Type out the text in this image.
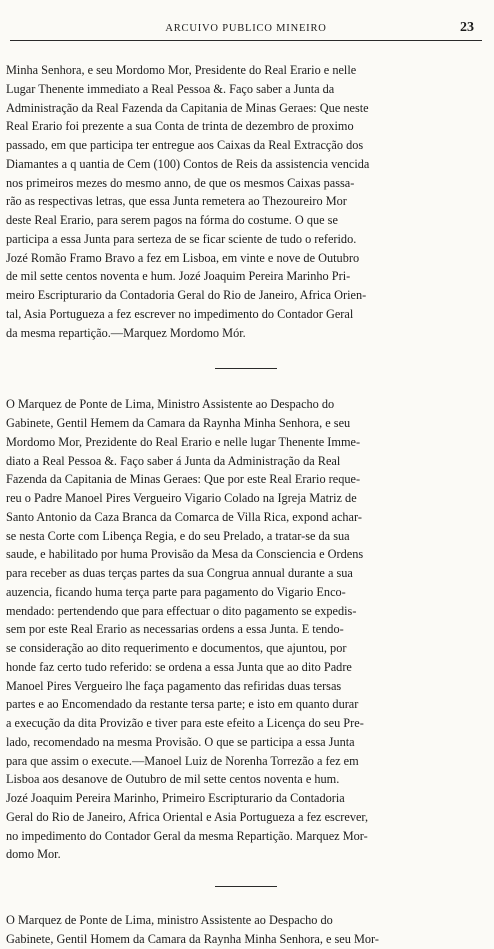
ARCUIVO PUBLICO MINEIRO	23

Minha Senhora, e seu Mordomo Mor, Presidente do Real Erario e nelle
Lugar Thenente immediato a Real Pessoa &. Faço saber a Junta da
Administração da Real Fazenda da Capitania de Minas Geraes: Que neste
Real Erario foi prezente a sua Conta de trinta de dezembro de proximo
passado, em que participa ter entregue aos Caixas da Real Extracção dos
Diamantes a q uantia de Cem (100) Contos de Reis da assistencia vencida
nos primeiros mezes do mesmo anno, de que os mesmos Caixas passa-
rão as respectivas letras, que essa Junta remetera ao Thezoureiro Mor
deste Real Erario, para serem pagos na fórma do costume. O que se
participa a essa Junta para serteza de se ficar sciente de tudo o referido.
Jozé Romão Framo Bravo a fez em Lisboa, em vinte e nove de Outubro
de mil sette centos noventa e hum. Jozé Joaquim Pereira Marinho Pri-
meiro Escripturario da Contadoria Geral do Rio de Janeiro, Africa Orien-
tal, Asia Portugueza a fez escrever no impedimento do Contador Geral
da mesma repartição.—Marquez Mordomo Mór.

O Marquez de Ponte de Lima, Ministro Assistente ao Despacho do
Gabinete, Gentil Hemem da Camara da Raynha Minha Senhora, e seu
Mordomo Mor, Prezidente do Real Erario e nelle lugar Thenente Imme-
diato a Real Pessoa &. Faço saber á Junta da Administração da Real
Fazenda da Capitania de Minas Geraes: Que por este Real Erario reque-
reu o Padre Manoel Pires Vergueiro Vigario Colado na Igreja Matriz de
Santo Antonio da Caza Branca da Comarca de Villa Rica, expond achar-
se nesta Corte com Libença Regia, e do seu Prelado, a tratar-se da sua
saude, e habilitado por huma Provisão da Mesa da Consciencia e Ordens
para receber as duas terças partes da sua Congrua annual durante a sua
auzencia, ficando huma terça parte para pagamento do Vigario Enco-
mendado: pertendendo que para effectuar o dito pagamento se expedis-
sem por este Real Erario as necessarias ordens a essa Junta. E tendo-
se consideração ao dito requerimento e documentos, que ajuntou, por
honde faz certo tudo referido: se ordena a essa Junta que ao dito Padre
Manoel Pires Vergueiro lhe faça pagamento das refiridas duas tersas
partes e ao Encomendado da restante tersa parte; e isto em quanto durar
a execução da dita Provizão e tiver para este efeito a Licença do seu Pre-
lado, recomendado na mesma Provisão. O que se participa a essa Junta
para que assim o execute.—Manoel Luiz de Norenha Torrezão a fez em
Lisboa aos desanove de Outubro de mil sette centos noventa e hum.
Jozé Joaquim Pereira Marinho, Primeiro Escripturario da Contadoria
Geral do Rio de Janeiro, Africa Oriental e Asia Portugueza a fez escrever,
no impedimento do Contador Geral da mesma Repartição. Marquez Mor-
domo Mor.

O Marquez de Ponte de Lima, ministro Assistente ao Despacho do
Gabinete, Gentil Homem da Camara da Raynha Minha Senhora, e seu Mor-
